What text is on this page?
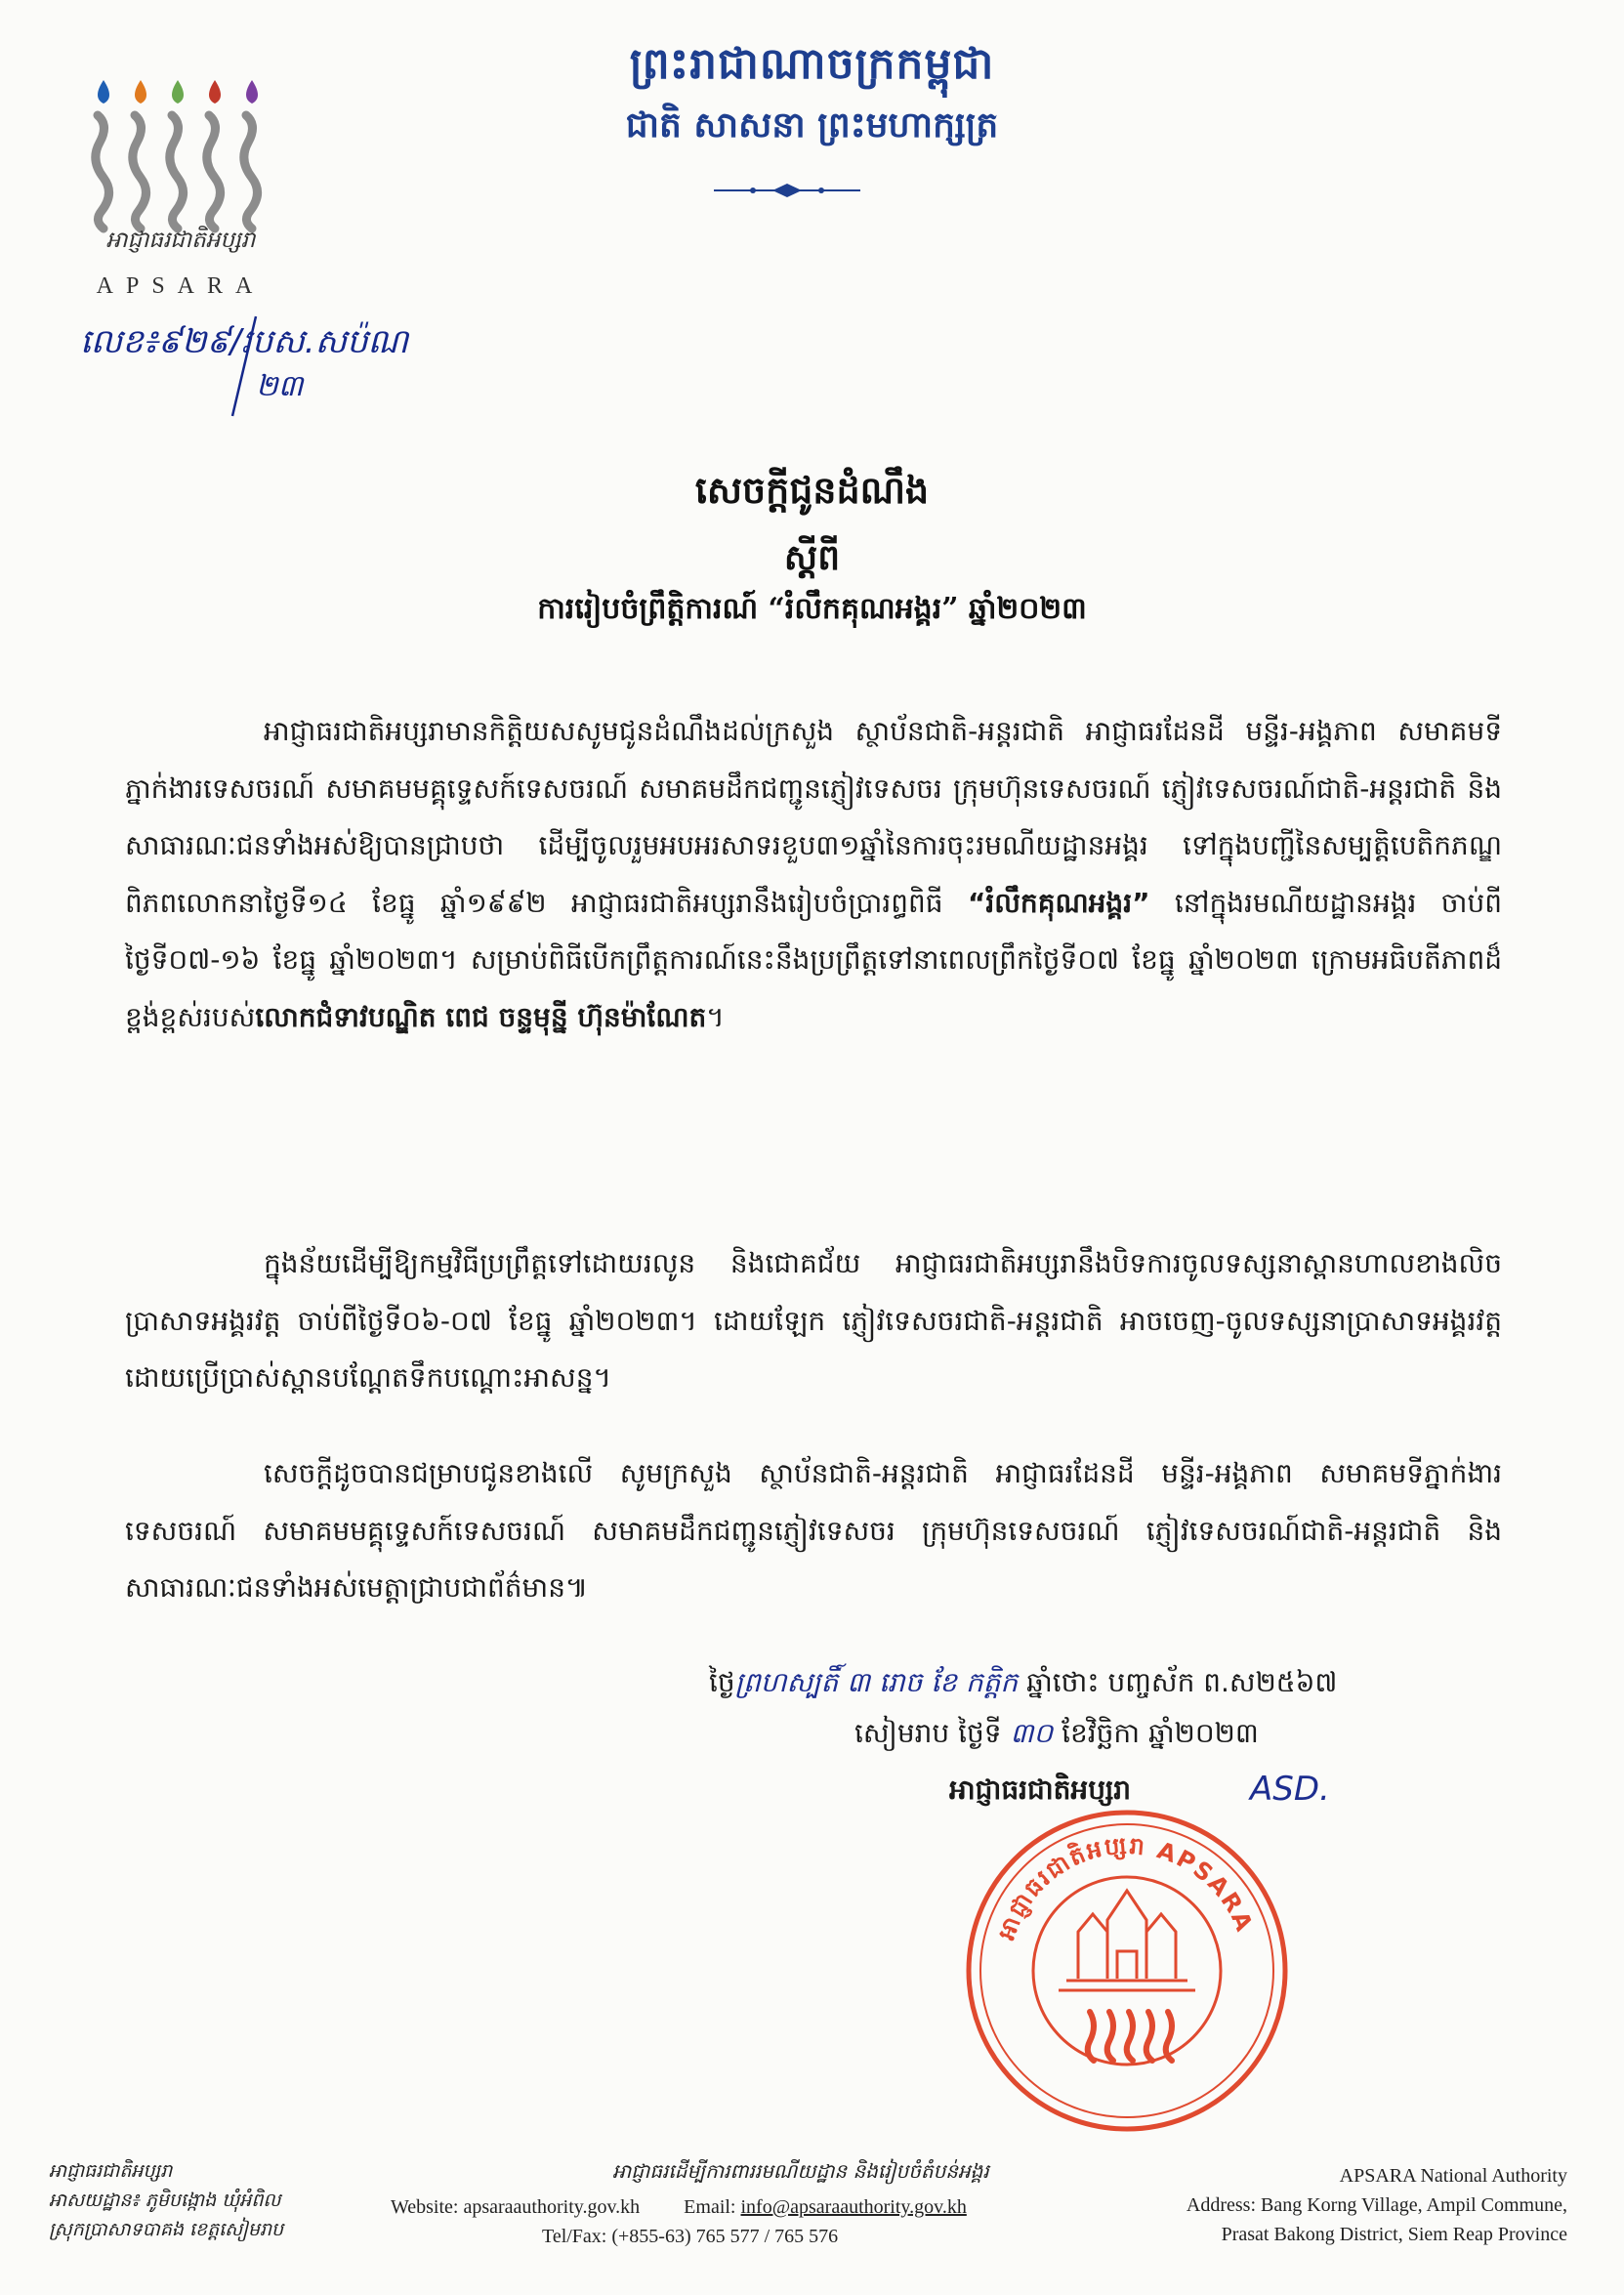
ព្រះរាជាណាចក្រកម្ពុជា
ជាតិ សាសនា ព្រះមហាក្សត្រ
អាជ្ញាធរជាតិអប្សរា
APSARA
លេខ៖៩២៩/របស.សប៉ណ
២៣
សេចក្តីជូនដំណឹង
ស្តីពី
ការរៀបចំព្រឹត្តិការណ៍ “រំលឹកគុណអង្គរ” ឆ្នាំ២០២៣
អាជ្ញាធរជាតិអប្សរាមានកិត្តិយសសូមជូនដំណឹងដល់ក្រសួង ស្ថាប័នជាតិ-អន្តរជាតិ អាជ្ញាធរដែនដី មន្ទីរ-អង្គភាព សមាគមទីភ្នាក់ងារទេសចរណ៍ សមាគមមគ្គុទ្ទេសក៍ទេសចរណ៍ សមាគមដឹកជញ្ជូនភ្ញៀវទេសចរ ក្រុមហ៊ុនទេសចរណ៍ ភ្ញៀវទេសចរណ៍ជាតិ-អន្តរជាតិ និងសាធារណៈជនទាំងអស់ឱ្យបានជ្រាបថា ដើម្បីចូលរួមអបអរសាទរខួប៣១ឆ្នាំនៃការចុះរមណីយដ្ឋានអង្គរ ទៅក្នុងបញ្ជីនៃសម្បត្តិបេតិកភណ្ឌពិភពលោកនាថ្ងៃទី១៤ ខែធ្នូ ឆ្នាំ១៩៩២ អាជ្ញាធរជាតិអប្សរានឹងរៀបចំប្រារព្ធពិធី “រំលឹកគុណអង្គរ” នៅក្នុងរមណីយដ្ឋានអង្គរ ចាប់ពីថ្ងៃទី០៧-១៦ ខែធ្នូ ឆ្នាំ២០២៣។ សម្រាប់ពិធីបើកព្រឹត្តការណ៍នេះនឹងប្រព្រឹត្តទៅនាពេលព្រឹកថ្ងៃទី០៧ ខែធ្នូ ឆ្នាំ២០២៣ ក្រោមអធិបតីភាពដ៏ខ្ពង់ខ្ពស់របស់លោកជំទាវបណ្ឌិត ពេជ ចន្ទមុន្នី ហ៊ុនម៉ាណែត។
ក្នុងន័យដើម្បីឱ្យកម្មវិធីប្រព្រឹត្តទៅដោយរលូន និងជោគជ័យ អាជ្ញាធរជាតិអប្សរានឹងបិទការចូលទស្សនាស្ពានហាលខាងលិចប្រាសាទអង្គរវត្ត ចាប់ពីថ្ងៃទី០៦-០៧ ខែធ្នូ ឆ្នាំ២០២៣។ ដោយឡែក ភ្ញៀវទេសចរជាតិ-អន្តរជាតិ អាចចេញ-ចូលទស្សនាប្រាសាទអង្គរវត្ត ដោយប្រើប្រាស់ស្ពានបណ្តែតទឹកបណ្តោះអាសន្ន។
សេចក្តីដូចបានជម្រាបជូនខាងលើ សូមក្រសួង ស្ថាប័នជាតិ-អន្តរជាតិ អាជ្ញាធរដែនដី មន្ទីរ-អង្គភាព សមាគមទីភ្នាក់ងារទេសចរណ៍ សមាគមមគ្គុទ្ទេសក៍ទេសចរណ៍ សមាគមដឹកជញ្ជូនភ្ញៀវទេសចរ ក្រុមហ៊ុនទេសចរណ៍ ភ្ញៀវទេសចរណ៍ជាតិ-អន្តរជាតិ និងសាធារណៈជនទាំងអស់មេត្តាជ្រាបជាព័ត៌មាន៕
ថ្ងៃព្រហស្បតិ៍ ៣ រោច ខែ កត្តិក ឆ្នាំថោះ បញ្ចស័ក ព.ស២៥៦៧
សៀមរាប ថ្ងៃទី ៣០ ខែវិច្ឆិកា ឆ្នាំ២០២៣
អាជ្ញាធរជាតិអប្សរា	ASD.
អាជ្ញាធរជាតិអប្សរា APSARA
អាជ្ញាធរជាតិអប្សរា
អាសយដ្ឋាន៖ ភូមិបង្កោង ឃុំអំពិល
ស្រុកប្រាសាទបាគង ខេត្តសៀមរាប
អាជ្ញាធរដើម្បីការពាររមណីយដ្ឋាន និងរៀបចំតំបន់អង្គរ
Website: apsaraauthority.gov.kh Email: info@apsaraauthority.gov.kh
Tel/Fax: (+855-63) 765 577 / 765 576
APSARA National Authority
Address: Bang Korng Village, Ampil Commune,
Prasat Bakong District, Siem Reap Province
